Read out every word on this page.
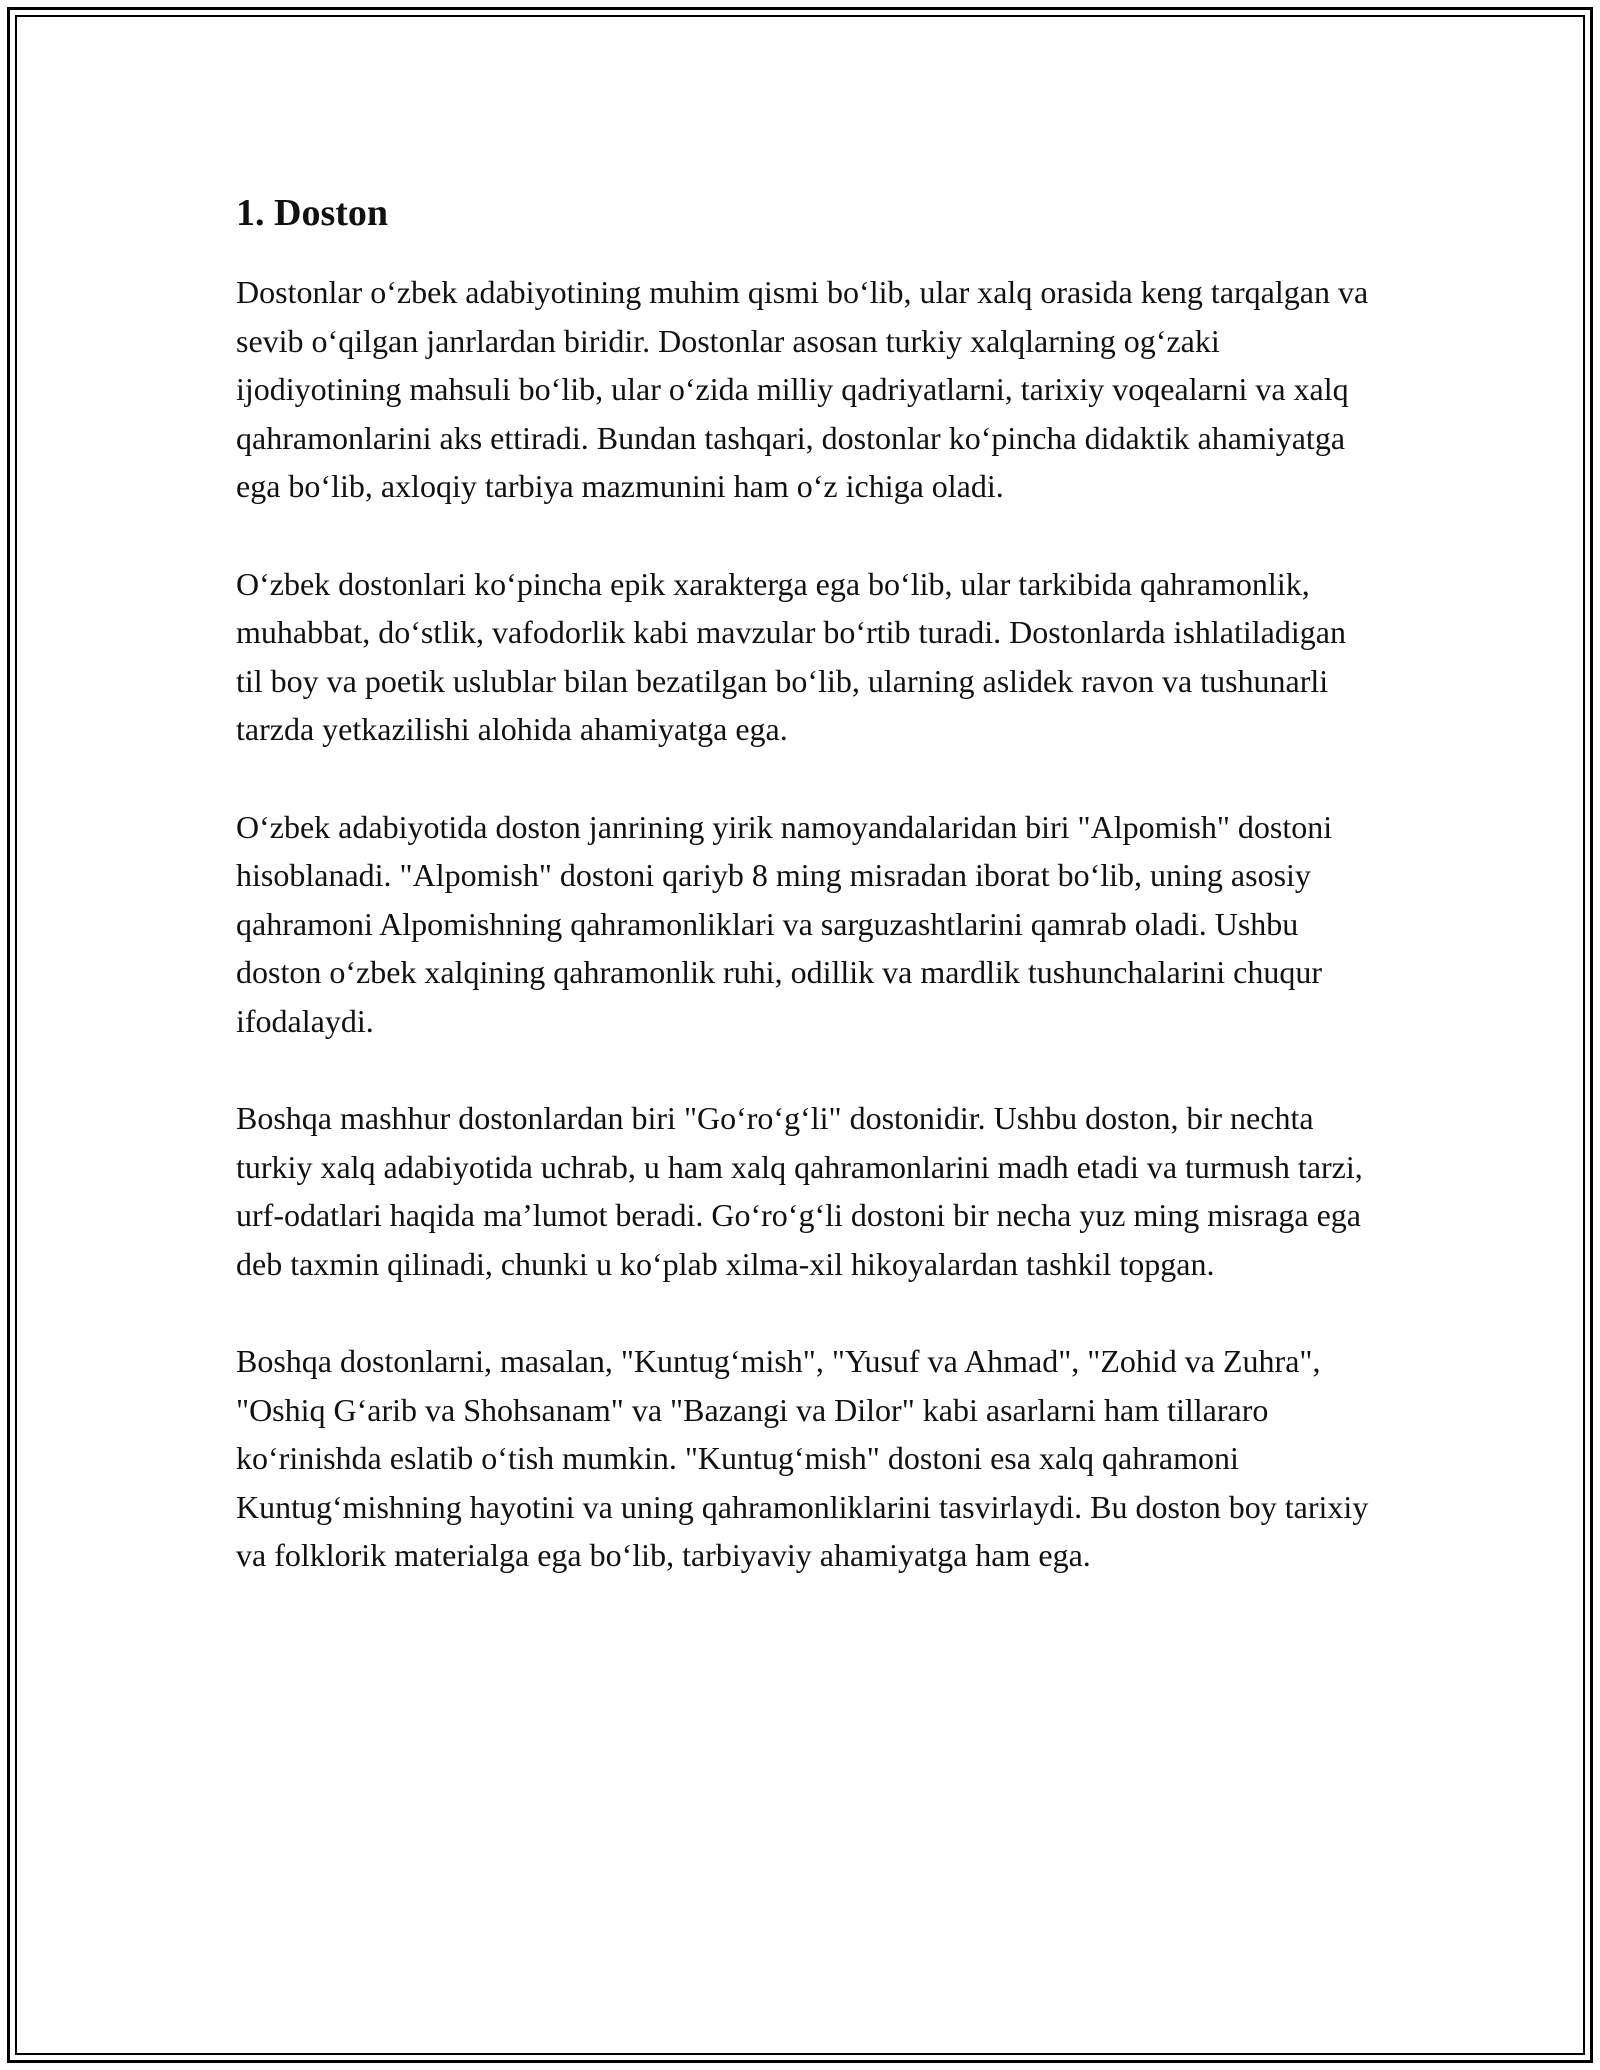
1. Doston

Dostonlar o‘zbek adabiyotining muhim qismi bo‘lib, ular xalq orasida keng tarqalgan va sevib o‘qilgan janrlardan biridir. Dostonlar asosan turkiy xalqlarning og‘zaki ijodiyotining mahsuli bo‘lib, ular o‘zida milliy qadriyatlarni, tarixiy voqealarni va xalq qahramonlarini aks ettiradi. Bundan tashqari, dostonlar ko‘pincha didaktik ahamiyatga ega bo‘lib, axloqiy tarbiya mazmunini ham o‘z ichiga oladi.

O‘zbek dostonlari ko‘pincha epik xarakterga ega bo‘lib, ular tarkibida qahramonlik, muhabbat, do‘stlik, vafodorlik kabi mavzular bo‘rtib turadi. Dostonlarda ishlatiladigan til boy va poetik uslublar bilan bezatilgan bo‘lib, ularning aslidek ravon va tushunarli tarzda yetkazilishi alohida ahamiyatga ega.

O‘zbek adabiyotida doston janrining yirik namoyandalaridan biri "Alpomish" dostoni hisoblanadi. "Alpomish" dostoni qariyb 8 ming misradan iborat bo‘lib, uning asosiy qahramoni Alpomishning qahramonliklari va sarguzashtlarini qamrab oladi. Ushbu doston o‘zbek xalqining qahramonlik ruhi, odillik va mardlik tushunchalarini chuqur ifodalaydi.

Boshqa mashhur dostonlardan biri "Go‘ro‘g‘li" dostonidir. Ushbu doston, bir nechta turkiy xalq adabiyotida uchrab, u ham xalq qahramonlarini madh etadi va turmush tarzi, urf-odatlari haqida ma’lumot beradi. Go‘ro‘g‘li dostoni bir necha yuz ming misraga ega deb taxmin qilinadi, chunki u ko‘plab xilma-xil hikoyalardan tashkil topgan.

Boshqa dostonlarni, masalan, "Kuntug‘mish", "Yusuf va Ahmad", "Zohid va Zuhra", "Oshiq G‘arib va Shohsanam" va "Bazangi va Dilor" kabi asarlarni ham tillararo ko‘rinishda eslatib o‘tish mumkin. "Kuntug‘mish" dostoni esa xalq qahramoni Kuntug‘mishning hayotini va uning qahramonliklarini tasvirlaydi. Bu doston boy tarixiy va folklorik materialga ega bo‘lib, tarbiyaviy ahamiyatga ham ega.
